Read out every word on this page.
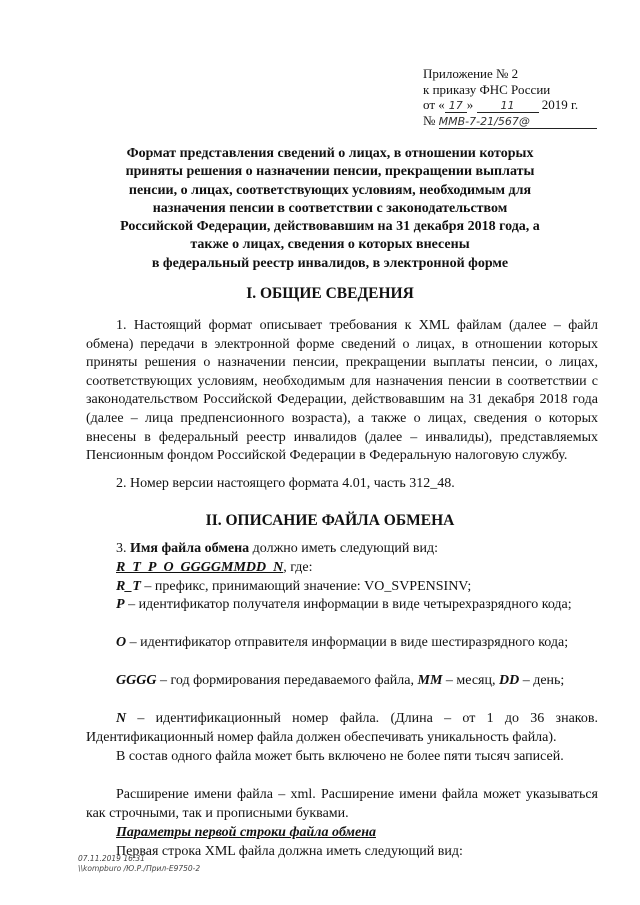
Приложение № 2
к приказу ФНС России
от « 17 » 11 2019 г.
№ ММВ-7-21/567@
Формат представления сведений о лицах, в отношении которых
приняты решения о назначении пенсии, прекращении выплаты
пенсии, о лицах, соответствующих условиям, необходимым для
назначения пенсии в соответствии с законодательством
Российской Федерации, действовавшим на 31 декабря 2018 года, а
также о лицах, сведения о которых внесены
в федеральный реестр инвалидов, в электронной форме
I. ОБЩИЕ СВЕДЕНИЯ
1. Настоящий формат описывает требования к XML файлам (далее – файл обмена) передачи в электронной форме сведений о лицах, в отношении которых приняты решения о назначении пенсии, прекращении выплаты пенсии, о лицах, соответствующих условиям, необходимым для назначения пенсии в соответствии с законодательством Российской Федерации, действовавшим на 31 декабря 2018 года (далее – лица предпенсионного возраста), а также о лицах, сведения о которых внесены в федеральный реестр инвалидов (далее – инвалиды), представляемых Пенсионным фондом Российской Федерации в Федеральную налоговую службу.
2. Номер версии настоящего формата 4.01, часть 312_48.
II. ОПИСАНИЕ ФАЙЛА ОБМЕНА
3. Имя файла обмена должно иметь следующий вид:
R_T_P_O_GGGGMMDD_N, где:
R_T – префикс, принимающий значение: VO_SVPENSINV;
P – идентификатор получателя информации в виде четырехразрядного кода;
O – идентификатор отправителя информации в виде шестиразрядного кода;
GGGG – год формирования передаваемого файла, MM – месяц, DD – день;
N – идентификационный номер файла. (Длина – от 1 до 36 знаков. Идентификационный номер файла должен обеспечивать уникальность файла).
В состав одного файла может быть включено не более пяти тысяч записей.
Расширение имени файла – xml. Расширение имени файла может указываться как строчными, так и прописными буквами.
Параметры первой строки файла обмена
Первая строка XML файла должна иметь следующий вид:
07.11.2019 16:31
\\kompburo /Ю.Р./Прил-E9750-2
